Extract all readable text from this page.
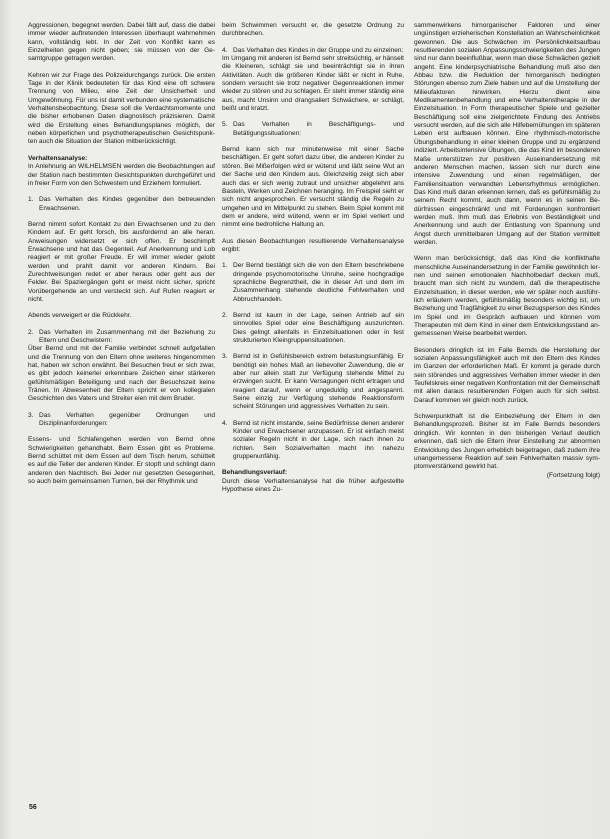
Aggressionen, begegnet werden. Dabei fällt auf, dass die dabei immer wieder auftretenden Interessen überhaupt wahrnehmen kann, vollständig lebt. In der Zeit von Konflikt kann es Einzelheiten gegen nicht geben; sie müssen von der Gesamtgruppe getragen werden.

Kehren wir zur Frage des Polizeidurchgangs zurück. Die ersten Tage in der Klinik bedeuteten für das Kind eine oft schwere Trennung von Milieu, eine Zeit der Unsicherheit und Umgewöhnung. Für uns ist damit verbunden eine systematische Verhaltensbeobachtung. Diese soll die Verdachtsmomente und die bisher erhobenen Daten diagnostisch präzisieren. Damit wird die Erstellung eines Behandlungsplanes möglich, der neben körperlichen und psychotherapeutischen Gesichtspunkten auch die Situation der Station mitberücksichtigt.

Verhaltensanalyse:

In Anlehnung an WILHELMSEN werden die Beobachtungen auf der Station nach bestimmten Gesichtspunkten durchgeführt und in freier Form von den Schwestern und Erziehern formuliert.

1. Das Verhalten des Kindes gegenüber den betreuenden Erwachsenen.

Bernd nimmt sofort Kontakt zu den Erwachsenen und zu den Kindern auf. Er geht forsch, bis ausfordernd an alle heran. Anweisungen widersetzt er sich offen. Er beschimpft Erwachsene und hat das Gegenteil. Auf Anerkennung und Lob reagiert er mit großer Freude. Er will immer wieder gelobt werden und prahlt damit vor anderen Kindern. Bei Zurechtweisungen redet er aber heraus oder geht aus der Felder. Bei Spaziergängen geht er meist nicht sicher, spricht Vorübergehende an und versteckt sich. Auf Rufen reagiert er nicht.

Abends verweigert er die Rückkehr.

2. Das Verhalten im Zusammenhang mit der Beziehung zu Eltern und Geschwistern:

Über Bernd und mit der Familie verbindet schnell aufgefallen und die Trennung von den Eltern ohne weiteres hingenommen hat, haben wir schon erwähnt. Bei Besuchen freut er sich zwar, es gibt jedoch keinerlei erkennbare Zeichen einer stärkeren gefühlsmäßigen Beteiligung und nach der Besuchszeit keine Tränen. In Abwesenheit der Eltern spricht er von kollegialen Geschichten des Vaters und Streiter eien mit dem Bruder.

3. Das Verhalten gegenüber Ordnungen und Disziplinanforderungen:

Essens- und Schlafengehen werden von Bernd ohne Schwierigkeiten gehandhabt. Beim Essen gibt es Probleme. Bernd schüttet mit dem Essen auf dem Tisch herum, schüttelt es auf die Teller der anderen Kinder. Er stopft und schlingt dann anderen den Nachtisch. Bei Jeder nur gesetzten Gesegenheit, so auch beim gemeinsamen Turnen, bei der Rhythmik und

beim Schwimmen versucht er, die gesetzte Ordnung zu durchbrechen.

4. Das Verhalten des Kindes in der Gruppe und zu einzelnen:

Im Umgang mit anderen ist Bernd sehr streitsüchtig, er hänselt die Kleineren, schlägt sie und beeinträchtigt sie in ihren Aktivitäten. Auch die größeren Kinder läßt er nicht in Ruhe, sondern versucht sie trotz negativer Gegenreaktionen immer wieder zu stören und zu schlagen. Er steht immer ständig eine aus, macht Unsinn und drangsaliert Schwächere, er schlägt, beißt und kratzt.

5. Das Verhalten in Beschäftigungs- und Betätigungssituationen:

Bernd kann sich nur minutenweise mit einer Sache beschäftigen. Er geht sofort dazu über, die anderen Kinder zu stören. Bei Mißerfolgen wird er wütend und läßt seine Wut an der Sache und den Kindern aus. Gleichzeitig zeigt sich aber auch das er sich wenig zutraut und unsicher abgelehnt ans Basteln, Werken und Zeichnen heranging. Im Freispiel sieht er sich nicht angesprochen. Er versucht ständig die Regeln zu umgehen und im Mittelpunkt zu stehen. Beim Spiel kommt mit dem er andere, wird wütend, wenn er im Spiel verliert und nimmt eine bedrohliche Haltung an.

Aus diesen Beobachtungen resultierende Verhaltensanalyse ergibt:

1. Der Bernd bestätigt sich die von den Eltern beschriebene dringende psychomotorische Unruhe, seine hochgradige sprachliche Begrenztheit, die in dieser Art und dem im Zusammenhang stehende deutliche Fehlverhalten und Abbruchhandeln.
2. Bernd ist kaum in der Lage, seinen Antrieb auf ein sinnvolles Spiel oder eine Beschäftigung auszurichten. Dies gelingt allenfalls in Einzelsituationen oder in fest strukturierten Kleingruppensituationen.
3. Bernd ist in Gefühlsbereich extrem belastungsunfähig. Er benötigt ein hohes Maß an liebevoller Zuwendung, die er aber nur allein statt zur Verfügung stehende Mittel zu erzwingen sucht. Er kann Versagungen nicht ertragen und reagiert darauf, wenn er ungeduldig und angespannt. Seine einzig zur Verfügung stehende Reaktionsform scheint Störungen und aggressives Verhalten zu sein.
4. Bernd ist nicht imstande, seine Bedürfnisse denen anderer Kinder und Erwachsener anzupassen. Er ist einfach meist sozialer Regeln nicht in der Lage, sich nach ihnen zu richten. Sein Sozialverhalten macht ihn nahezu gruppenunfähig.

Behandlungsverlauf:

Durch diese Verhaltensanalyse hat die früher aufgestellte Hypothese eines Zu-

sammenwirkens hirnorganischer Faktoren und einer ungünstigen erzieherischen Konstellation an Wahrscheinlichkeit gewonnen. Die aus Schwächen im Persönlichkeitsaufbau resultierenden sozialen Anpassungsschwierigkeiten des Jungen sind nur dann beeinflußbar, wenn man diese Schwächen gezielt angeht. Eine kinderpsychiatrische Behandlung muß also den Abbau bzw. die Reduktion der hirnorganisch bedingten Störungen ebenso zum Ziele haben und auf die Umstellung der Milieufaktoren hinwirken. Hierzu dient eine Medikamentenbehandlung und eine Verhaltenstherapie in der Einzelsituation. In Form therapeutischer Spiele und gezielter Beschäftigung soll eine zielgerichtete Findung des Antriebs versucht werden, auf die sich alle Hilfebemühungen im späteren Leben erst aufbauen können. Eine rhythmisch-motorische Übungsbehandlung in einer kleinen Gruppe und zu ergänzend indiziert. Arbeitsintensive Übungen, die das Kind im besonderen Maße unterstützen zur positiven Auseinandersetzung mit anderen Menschen machen, lassen sich nur durch eine intensive Zuwendung und einen regelmäßigen, der Familiensituation verwandten Lebensrhythmus ermöglichen. Das Kind muß daran erkennen lernen, daß es gefühlsmäßig zu seinem Recht kommt, auch dann, wenn es in seinen Bedürfnissen eingeschränkt und mit Forderungen konfrontiert werden muß. Ihm muß das Erlebnis von Beständigkeit und Anerkennung und auch der Entlastung von Spannung und Angst durch unmittelbaren Umgang auf der Station vermittelt werden.

Wenn man berücksichtigt, daß das Kind die konflikthafte menschliche Auseinandersetzung in der Familie gewöhnlich lernen und seinen emotionalen Nachholbedarf decken muß, braucht man sich nicht zu wundern, daß die therapeutische Einzelsituation, in dieser werden, wie wir später noch ausführlich erläutern werden, gefühlsmäßig besonders wichtig ist, um Beziehung und Tragfähigkeit zu einer Bezugsperson des Kindes im Spiel und im Gespräch aufbauen und können vom Therapeuten mit dem Kind in einer dem Entwicklungsstand angemessenen Weise bearbeitet werden.

Besonders dringlich ist im Falle Bernds die Herstellung der sozialen Anpassungsfähigkeit auch mit den Eltern des Kindes im Ganzen der erforderlichen Maß. Er kommt ja gerade durch sein störendes und aggressives Verhalten immer wieder in den Teufelskreis einer negativen Konfrontation mit der Gemeinschaft mit allen daraus resultierenden Folgen auch für sich selbst. Darauf kommen wir gleich noch zurück.

Schwerpunkthaft ist die Einbeziehung der Eltern in den Behandlungsprozeß. Bisher ist im Falle Bernds besonders dringlich. Wir konnten in den bisherigen Verlauf deutlich erkennen, daß sich die Eltern ihrer Einstellung zur abnormen Entwicklung des Jungen erheblich beigetragen, daß zudem ihre unangemessene Reaktion auf sein Fehlverhalten massiv symptomverstärkend gewirkt hat.

(Fortsetzung folgt)

56
